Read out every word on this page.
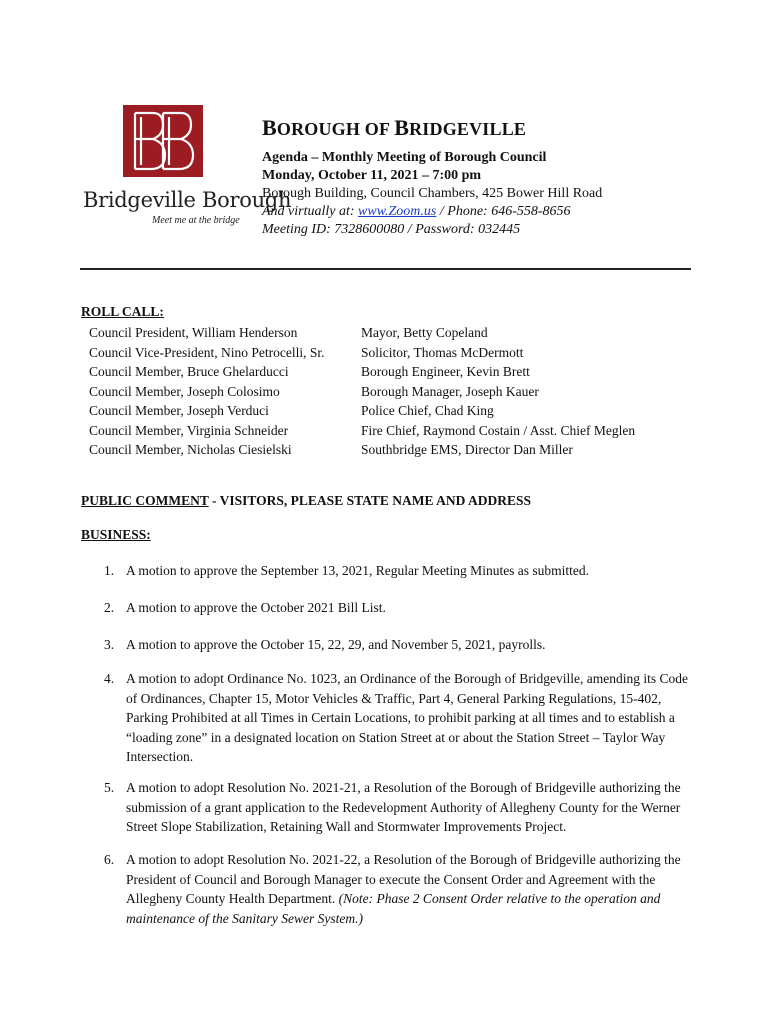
Bridgeville Borough
Meet me at the bridge
BOROUGH OF BRIDGEVILLE
Agenda – Monthly Meeting of Borough Council
Monday, October 11, 2021 – 7:00 pm
Borough Building, Council Chambers, 425 Bower Hill Road
And virtually at: www.Zoom.us / Phone: 646-558-8656
Meeting ID: 7328600080 / Password: 032445
ROLL CALL:
Council President, William Henderson
Council Vice-President, Nino Petrocelli, Sr.
Council Member, Bruce Ghelarducci
Council Member, Joseph Colosimo
Council Member, Joseph Verduci
Council Member, Virginia Schneider
Council Member, Nicholas Ciesielski
Mayor, Betty Copeland
Solicitor, Thomas McDermott
Borough Engineer, Kevin Brett
Borough Manager, Joseph Kauer
Police Chief, Chad King
Fire Chief, Raymond Costain / Asst. Chief Meglen
Southbridge EMS, Director Dan Miller
PUBLIC COMMENT - VISITORS, PLEASE STATE NAME AND ADDRESS
BUSINESS:
1. A motion to approve the September 13, 2021, Regular Meeting Minutes as submitted.
2. A motion to approve the October 2021 Bill List.
3. A motion to approve the October 15, 22, 29, and November 5, 2021, payrolls.
4. A motion to adopt Ordinance No. 1023, an Ordinance of the Borough of Bridgeville, amending its Code of Ordinances, Chapter 15, Motor Vehicles & Traffic, Part 4, General Parking Regulations, 15-402, Parking Prohibited at all Times in Certain Locations, to prohibit parking at all times and to establish a “loading zone” in a designated location on Station Street at or about the Station Street – Taylor Way Intersection.
5. A motion to adopt Resolution No. 2021-21, a Resolution of the Borough of Bridgeville authorizing the submission of a grant application to the Redevelopment Authority of Allegheny County for the Werner Street Slope Stabilization, Retaining Wall and Stormwater Improvements Project.
6. A motion to adopt Resolution No. 2021-22, a Resolution of the Borough of Bridgeville authorizing the President of Council and Borough Manager to execute the Consent Order and Agreement with the Allegheny County Health Department. (Note: Phase 2 Consent Order relative to the operation and maintenance of the Sanitary Sewer System.)
